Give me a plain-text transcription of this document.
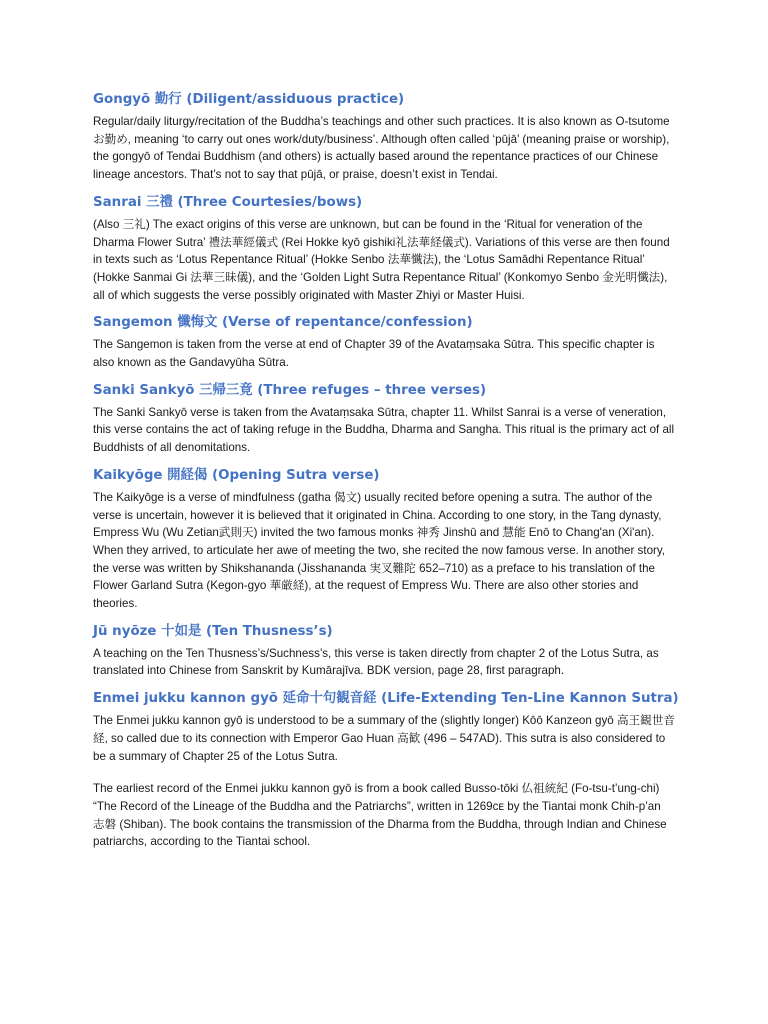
Gongyō 勤行 (Diligent/assiduous practice)

Regular/daily liturgy/recitation of the Buddha’s teachings and other such practices. It is also known as O-tsutome お勤め, meaning ‘to carry out ones work/duty/business’. Although often called ‘pūjā’ (meaning praise or worship), the gongyō of Tendai Buddhism (and others) is actually based around the repentance practices of our Chinese lineage ancestors. That’s not to say that pūjā, or praise, doesn’t exist in Tendai.

Sanrai 三禮 (Three Courtesies/bows)

(Also 三礼) The exact origins of this verse are unknown, but can be found in the ‘Ritual for veneration of the Dharma Flower Sutra’ 禮法華經儀式 (Rei Hokke kyō gishiki礼法華経儀式). Variations of this verse are then found in texts such as ‘Lotus Repentance Ritual’ (Hokke Senbo 法華懺法), the ‘Lotus Samādhi Repentance Ritual’ (Hokke Sanmai Gi 法華三昧儀), and the ‘Golden Light Sutra Repentance Ritual’ (Konkomyo Senbo 金光明懺法), all of which suggests the verse possibly originated with Master Zhiyi or Master Huisi.

Sangemon 懺悔文 (Verse of repentance/confession)

The Sangemon is taken from the verse at end of Chapter 39 of the Avataṃsaka Sūtra. This specific chapter is also known as the Gandavyūha Sūtra.

Sanki Sankyō 三帰三竟 (Three refuges – three verses)

The Sanki Sankyō verse is taken from the Avataṃsaka Sūtra, chapter 11. Whilst Sanrai is a verse of veneration, this verse contains the act of taking refuge in the Buddha, Dharma and Sangha. This ritual is the primary act of all Buddhists of all denomitations.

Kaikyōge 開経偈 (Opening Sutra verse)

The Kaikyōge is a verse of mindfulness (gatha 偈文) usually recited before opening a sutra. The author of the verse is uncertain, however it is believed that it originated in China. According to one story, in the Tang dynasty, Empress Wu (Wu Zetian武則天) invited the two famous monks 神秀 Jinshū and 慧能 Enō to Chang'an (Xi'an). When they arrived, to articulate her awe of meeting the two, she recited the now famous verse. In another story, the verse was written by Shikshananda (Jisshananda 実叉難陀 652–710) as a preface to his translation of the Flower Garland Sutra (Kegon-gyo 華厳経), at the request of Empress Wu. There are also other stories and theories.

Jū nyōze 十如是 (Ten Thusness’s)

A teaching on the Ten Thusness’s/Suchness’s, this verse is taken directly from chapter 2 of the Lotus Sutra, as translated into Chinese from Sanskrit by Kumārajīva. BDK version, page 28, first paragraph.

Enmei jukku kannon gyō 延命十句観音経 (Life-Extending Ten-Line Kannon Sutra)

The Enmei jukku kannon gyō is understood to be a summary of the (slightly longer) Kōō Kanzeon gyō 高王観世音経, so called due to its connection with Emperor Gao Huan 高歓 (496 – 547AD). This sutra is also considered to be a summary of Chapter 25 of the Lotus Sutra.

The earliest record of the Enmei jukku kannon gyō is from a book called Busso-tōki 仏祖統紀 (Fo-tsu-t’ung-chi) “The Record of the Lineage of the Buddha and the Patriarchs”, written in 1269ᴄᴇ by the Tiantai monk Chih-p’an 志磐 (Shiban). The book contains the transmission of the Dharma from the Buddha, through Indian and Chinese patriarchs, according to the Tiantai school.
